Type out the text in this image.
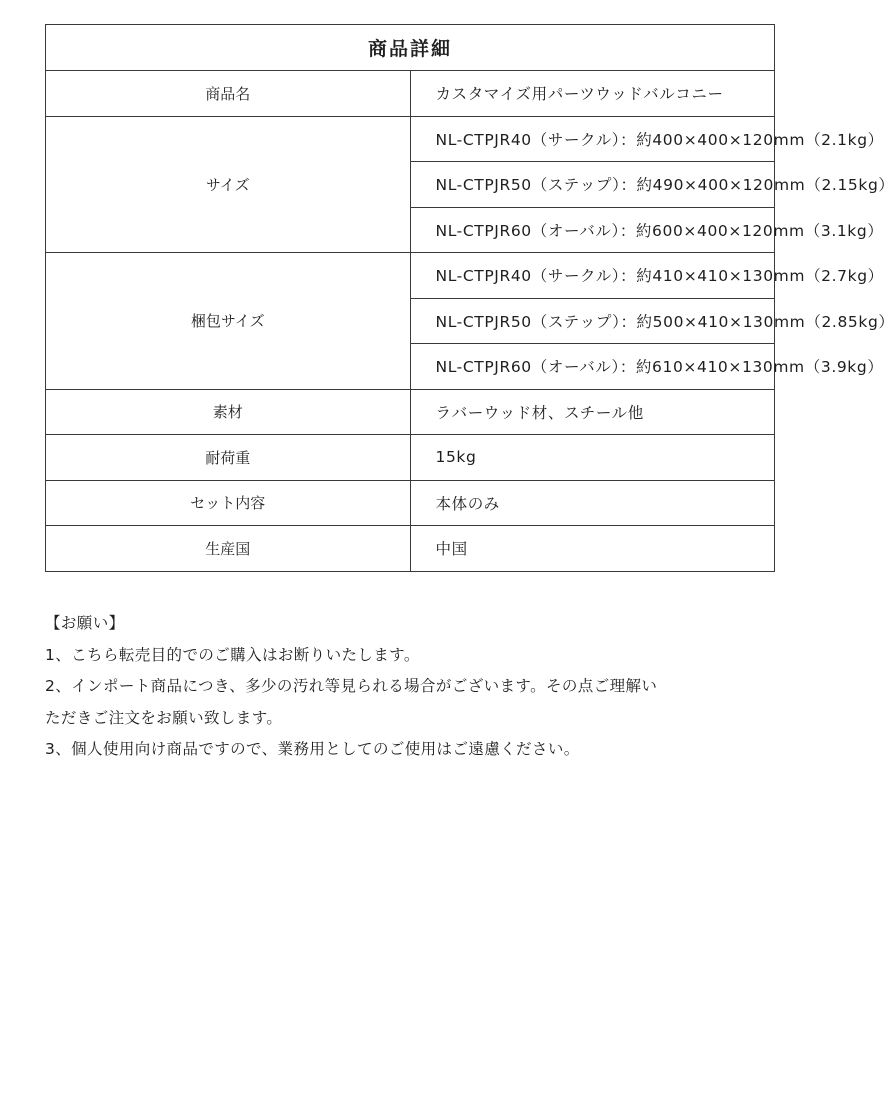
商品詳細	
商品名	カスタマイズ用パーツウッドバルコニー
サイズ	NL-CTPJR40（サークル）：約400×400×120mm（2.1kg）
	NL-CTPJR50（ステップ）：約490×400×120mm（2.15kg）
	NL-CTPJR60（オーバル）：約600×400×120mm（3.1kg）
梱包サイズ	NL-CTPJR40（サークル）：約410×410×130mm（2.7kg）
	NL-CTPJR50（ステップ）：約500×410×130mm（2.85kg）
	NL-CTPJR60（オーバル）：約610×410×130mm（3.9kg）
素材	ラバーウッド材、スチール他
耐荷重	15kg
セット内容	本体のみ
生産国	中国

【お願い】

1、こちら転売目的でのご購入はお断りいたします。

2、インポート商品につき、多少の汚れ等見られる場合がございます。その点ご理解い

ただきご注文をお願い致します。

3、個人使用向け商品ですので、業務用としてのご使用はご遠慮ください。
